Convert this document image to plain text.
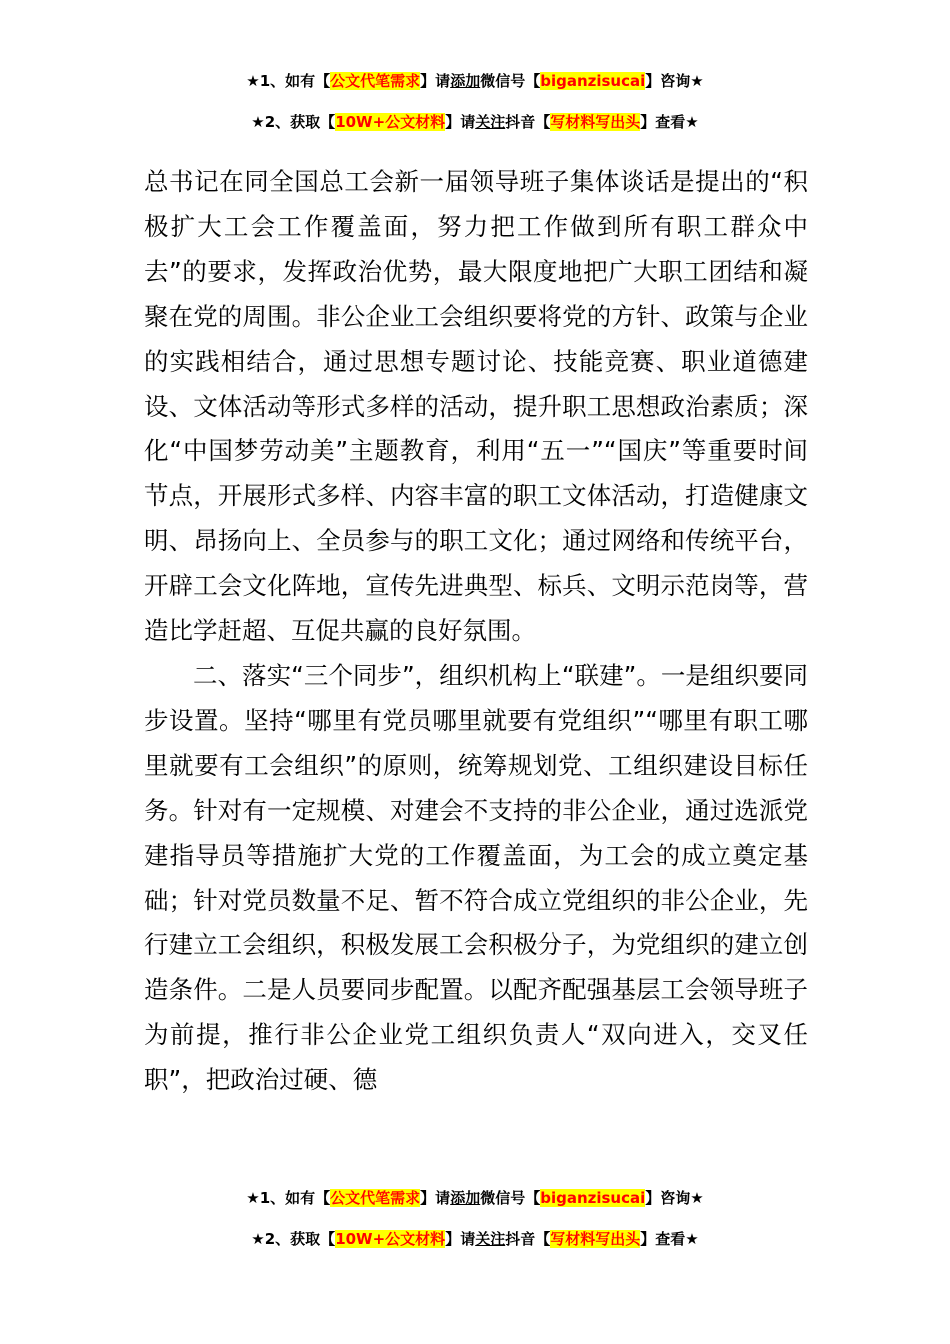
★1、如有【公文代笔需求】请添加微信号【biganzisucai】咨询★
★2、获取【10W+公文材料】请关注抖音【写材料写出头】查看★

总书记在同全国总工会新一届领导班子集体谈话是提出的“积极扩大工会工作覆盖面，努力把工作做到所有职工群众中去”的要求，发挥政治优势，最大限度地把广大职工团结和凝聚在党的周围。非公企业工会组织要将党的方针、政策与企业的实践相结合，通过思想专题讨论、技能竞赛、职业道德建设、文体活动等形式多样的活动，提升职工思想政治素质；深化“中国梦劳动美”主题教育，利用“五一”“国庆”等重要时间节点，开展形式多样、内容丰富的职工文体活动，打造健康文明、昂扬向上、全员参与的职工文化；通过网络和传统平台，开辟工会文化阵地，宣传先进典型、标兵、文明示范岗等，营造比学赶超、互促共赢的良好氛围。

二、落实“三个同步”，组织机构上“联建”。一是组织要同步设置。坚持“哪里有党员哪里就要有党组织”“哪里有职工哪里就要有工会组织”的原则，统筹规划党、工组织建设目标任务。针对有一定规模、对建会不支持的非公企业，通过选派党建指导员等措施扩大党的工作覆盖面，为工会的成立奠定基础；针对党员数量不足、暂不符合成立党组织的非公企业，先行建立工会组织，积极发展工会积极分子，为党组织的建立创造条件。二是人员要同步配置。以配齐配强基层工会领导班子为前提，推行非公企业党工组织负责人“双向进入，交叉任职”，把政治过硬、德

★1、如有【公文代笔需求】请添加微信号【biganzisucai】咨询★
★2、获取【10W+公文材料】请关注抖音【写材料写出头】查看★
